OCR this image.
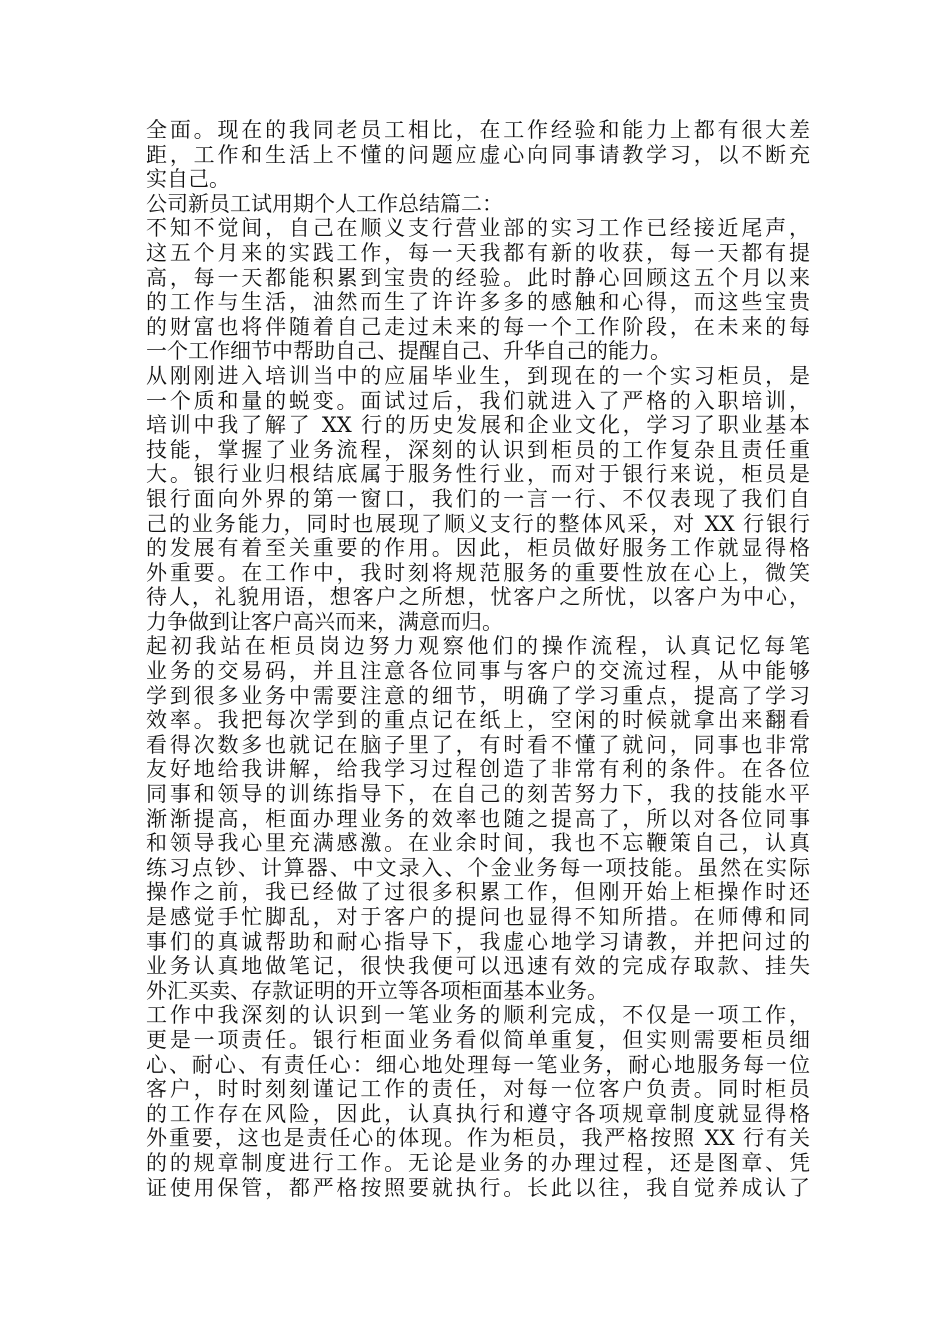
全面。现在的我同老员工相比，在工作经验和能力上都有很大差
距，工作和生活上不懂的问题应虚心向同事请教学习，以不断充
实自己。
公司新员工试用期个人工作总结篇二：
不知不觉间，自己在顺义支行营业部的实习工作已经接近尾声，
这五个月来的实践工作，每一天我都有新的收获，每一天都有提
高，每一天都能积累到宝贵的经验。此时静心回顾这五个月以来
的工作与生活，油然而生了许许多多的感触和心得，而这些宝贵
的财富也将伴随着自己走过未来的每一个工作阶段，在未来的每
一个工作细节中帮助自己、提醒自己、升华自己的能力。
从刚刚进入培训当中的应届毕业生，到现在的一个实习柜员，是
一个质和量的蜕变。面试过后，我们就进入了严格的入职培训，
培训中我了解了 XX 行的历史发展和企业文化，学习了职业基本
技能，掌握了业务流程，深刻的认识到柜员的工作复杂且责任重
大。银行业归根结底属于服务性行业，而对于银行来说，柜员是
银行面向外界的第一窗口，我们的一言一行、不仅表现了我们自
己的业务能力，同时也展现了顺义支行的整体风采，对 XX 行银行
的发展有着至关重要的作用。因此，柜员做好服务工作就显得格
外重要。在工作中，我时刻将规范服务的重要性放在心上，微笑
待人，礼貌用语，想客户之所想，忧客户之所忧，以客户为中心，
力争做到让客户高兴而来，满意而归。
起初我站在柜员岗边努力观察他们的操作流程，认真记忆每笔
业务的交易码，并且注意各位同事与客户的交流过程，从中能够
学到很多业务中需要注意的细节，明确了学习重点，提高了学习
效率。我把每次学到的重点记在纸上，空闲的时候就拿出来翻看
看得次数多也就记在脑子里了，有时看不懂了就问，同事也非常
友好地给我讲解，给我学习过程创造了非常有利的条件。在各位
同事和领导的训练指导下，在自己的刻苦努力下，我的技能水平
渐渐提高，柜面办理业务的效率也随之提高了，所以对各位同事
和领导我心里充满感激。在业余时间，我也不忘鞭策自己，认真
练习点钞、计算器、中文录入、个金业务每一项技能。虽然在实际
操作之前，我已经做了过很多积累工作，但刚开始上柜操作时还
是感觉手忙脚乱，对于客户的提问也显得不知所措。在师傅和同
事们的真诚帮助和耐心指导下，我虚心地学习请教，并把问过的
业务认真地做笔记，很快我便可以迅速有效的完成存取款、挂失
外汇买卖、存款证明的开立等各项柜面基本业务。
工作中我深刻的认识到一笔业务的顺利完成，不仅是一项工作，
更是一项责任。银行柜面业务看似简单重复，但实则需要柜员细
心、耐心、有责任心：细心地处理每一笔业务，耐心地服务每一位
客户，时时刻刻谨记工作的责任，对每一位客户负责。同时柜员
的工作存在风险，因此，认真执行和遵守各项规章制度就显得格
外重要，这也是责任心的体现。作为柜员，我严格按照 XX 行有关
的的规章制度进行工作。无论是业务的办理过程，还是图章、凭
证使用保管，都严格按照要就执行。长此以往，我自觉养成认了
